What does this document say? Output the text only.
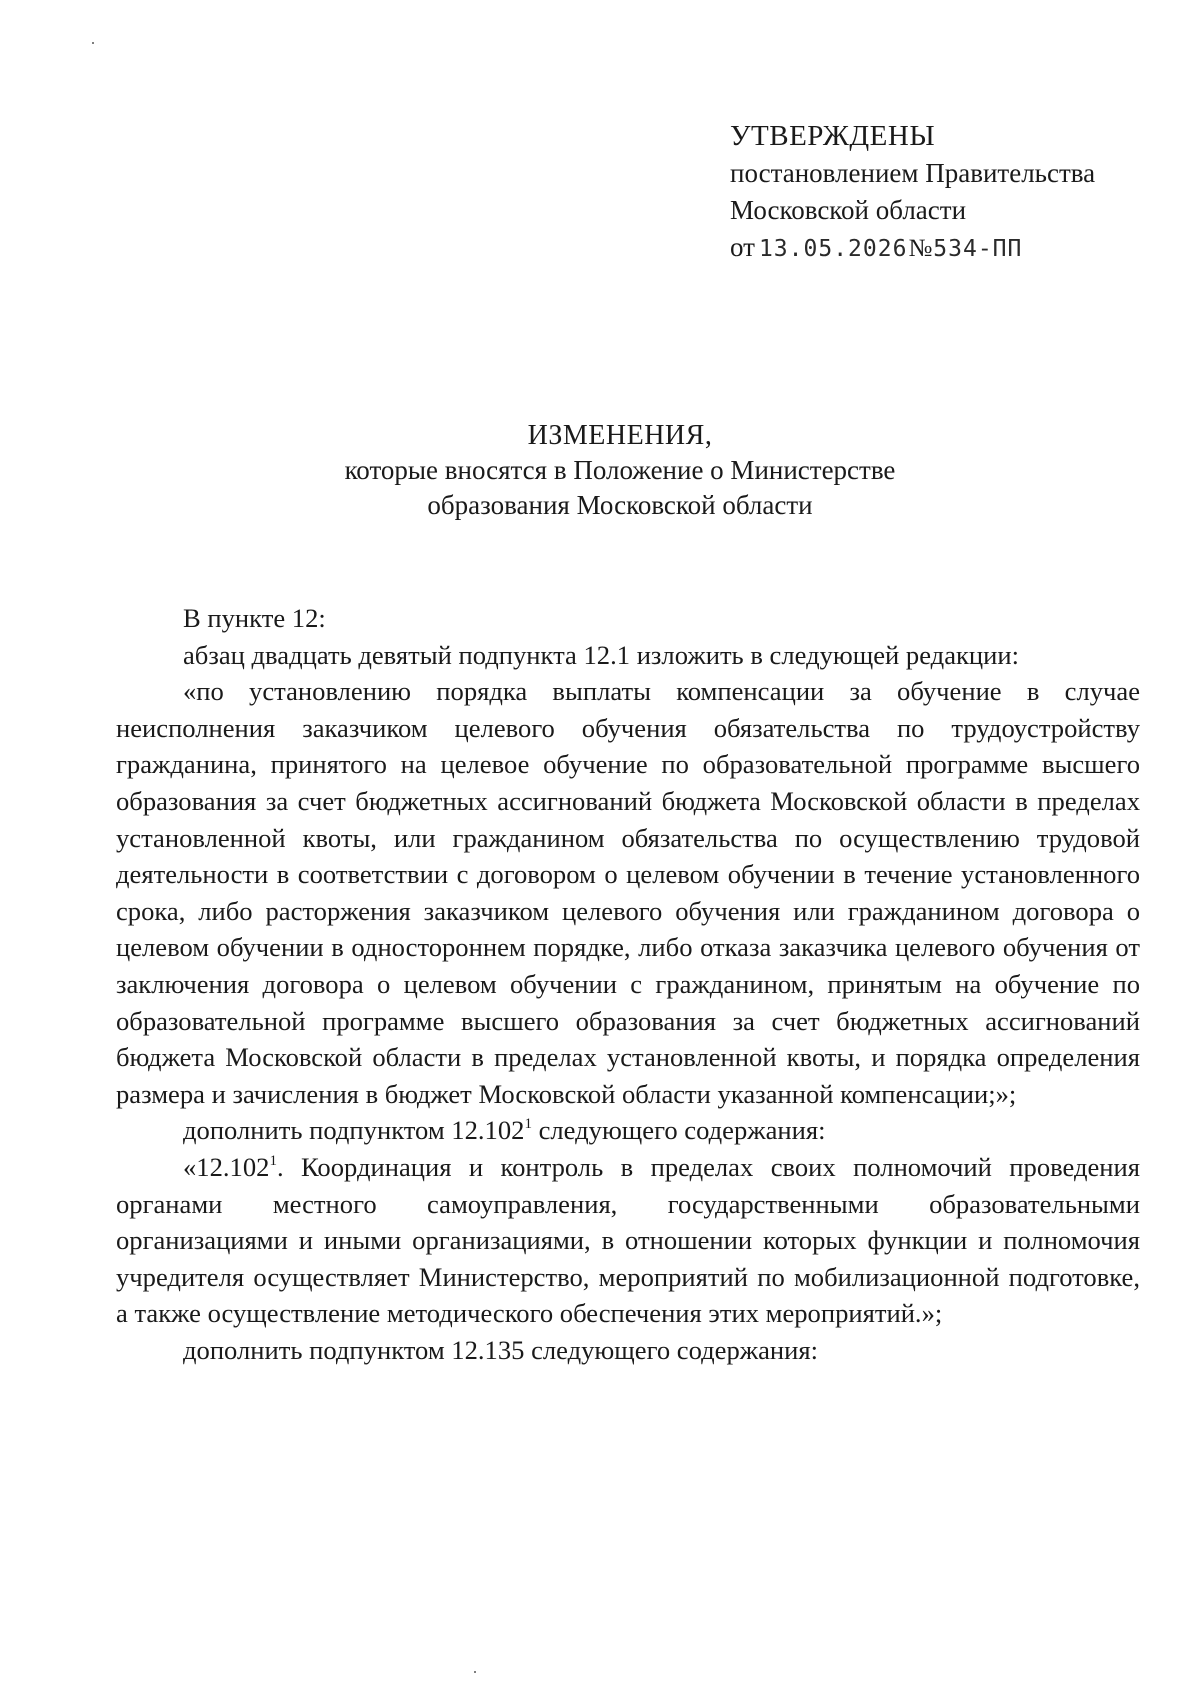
УТВЕРЖДЕНЫ
постановлением Правительства
Московской области
от 13.05.2026 № 534-ПП
ИЗМЕНЕНИЯ,
которые вносятся в Положение о Министерстве
образования Московской области

В пункте 12:

абзац двадцать девятый подпункта 12.1 изложить в следующей редакции:

«по установлению порядка выплаты компенсации за обучение в случае неисполнения заказчиком целевого обучения обязательства по трудоустройству гражданина, принятого на целевое обучение по образовательной программе высшего образования за счет бюджетных ассигнований бюджета Московской области в пределах установленной квоты, или гражданином обязательства по осуществлению трудовой деятельности в соответствии с договором о целевом обучении в течение установленного срока, либо расторжения заказчиком целевого обучения или гражданином договора о целевом обучении в одностороннем порядке, либо отказа заказчика целевого обучения от заключения договора о целевом обучении с гражданином, принятым на обучение по образовательной программе высшего образования за счет бюджетных ассигнований бюджета Московской области в пределах установленной квоты, и порядка определения размера и зачисления в бюджет Московской области указанной компенсации;»;

дополнить подпунктом 12.102$^1$ следующего содержания:

«12.102$^1$. Координация и контроль в пределах своих полномочий проведения органами местного самоуправления, государственными образовательными организациями и иными организациями, в отношении которых функции и полномочия учредителя осуществляет Министерство, мероприятий по мобилизационной подготовке, а также осуществление методического обеспечения этих мероприятий.»;

дополнить подпунктом 12.135 следующего содержания:
